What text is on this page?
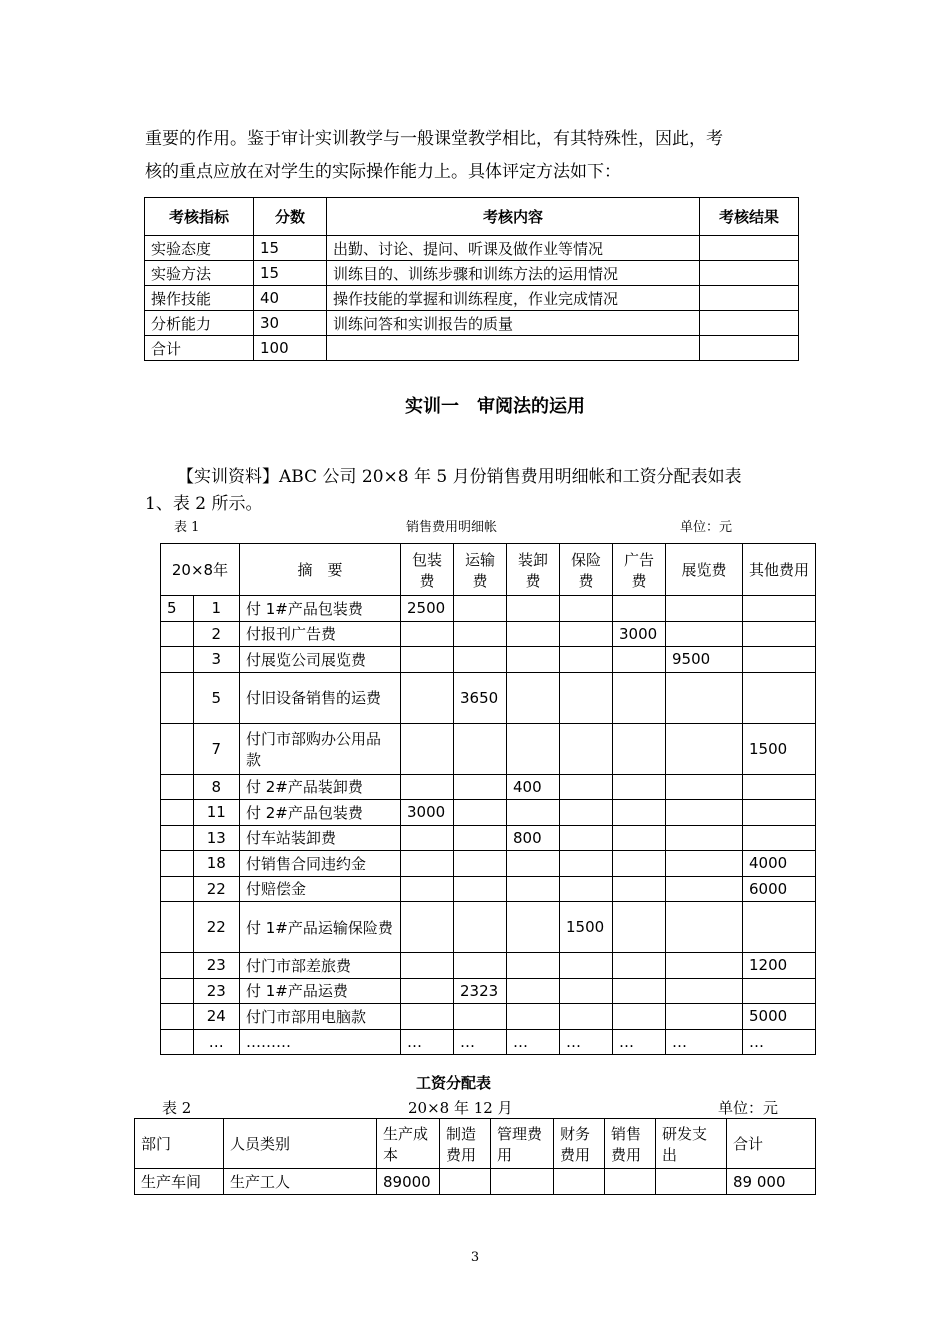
重要的作用。鉴于审计实训教学与一般课堂教学相比，有其特殊性，因此，考
核的重点应放在对学生的实际操作能力上。具体评定方法如下：
考核指标	分数	考核内容	考核结果
实验态度	15	出勤、讨论、提问、听课及做作业等情况	
实验方法	15	训练目的、训练步骤和训练方法的运用情况	
操作技能	40	操作技能的掌握和训练程度，作业完成情况	
分析能力	30	训练问答和实训报告的质量	
合计	100		
实训一　审阅法的运用
【实训资料】ABC 公司 20×8 年 5 月份销售费用明细帐和工资分配表如表
1、表 2 所示。
表 1	销售费用明细帐	单位：元
20×8年		摘　要	包装费	运输费	装卸费	保险费	广告费	展览费	其他费用
5	1	付 1#产品包装费	2500						
	2	付报刊广告费					3000		
	3	付展览公司展览费						9500	
	5	付旧设备销售的运费		3650					
	7	付门市部购办公用品款							1500
	8	付 2#产品装卸费			400				
	11	付 2#产品包装费	3000						
	13	付车站装卸费			800				
	18	付销售合同违约金							4000
	22	付赔偿金							6000
	22	付 1#产品运输保险费				1500			
	23	付门市部差旅费							1200
	23	付 1#产品运费		2323					
	24	付门市部用电脑款							5000
	…	………	…	…	…	…	…	…	…
工资分配表
表 2	20×8 年 12 月	单位：元
部门	人员类别	生产成本	制造费用	管理费用	财务费用	销售费用	研发支出	合计
生产车间	生产工人	89000						89 000
3
